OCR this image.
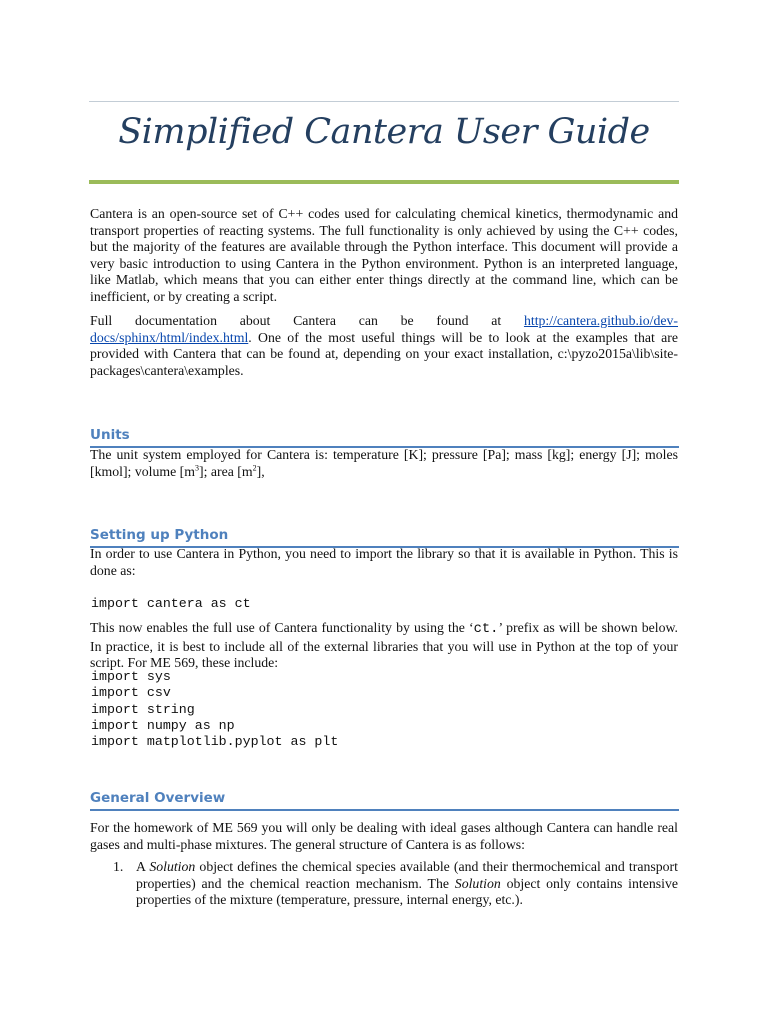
Simplified Cantera User Guide

Cantera is an open-source set of C++ codes used for calculating chemical kinetics, thermodynamic and transport properties of reacting systems. The full functionality is only achieved by using the C++ codes, but the majority of the features are available through the Python interface. This document will provide a very basic introduction to using Cantera in the Python environment. Python is an interpreted language, like Matlab, which means that you can either enter things directly at the command line, which can be inefficient, or by creating a script.

Full documentation about Cantera can be found at http://cantera.github.io/dev-docs/sphinx/html/index.html. One of the most useful things will be to look at the examples that are provided with Cantera that can be found at, depending on your exact installation, c:\pyzo2015a\lib\site-packages\cantera\examples.

Units

The unit system employed for Cantera is: temperature [K]; pressure [Pa]; mass [kg]; energy [J]; moles [kmol]; volume $[m^3]$; area $[m^2]$,

Setting up Python

In order to use Cantera in Python, you need to import the library so that it is available in Python. This is done as:

import cantera as ct

This now enables the full use of Cantera functionality by using the ‘ct.’ prefix as will be shown below. In practice, it is best to include all of the external libraries that you will use in Python at the top of your script. For ME 569, these include:

import sys
import csv
import string
import numpy as np
import matplotlib.pyplot as plt
General Overview

For the homework of ME 569 you will only be dealing with ideal gases although Cantera can handle real gases and multi-phase mixtures. The general structure of Cantera is as follows:

1. A Solution object defines the chemical species available (and their thermochemical and transport properties) and the chemical reaction mechanism. The Solution object only contains intensive properties of the mixture (temperature, pressure, internal energy, etc.).
